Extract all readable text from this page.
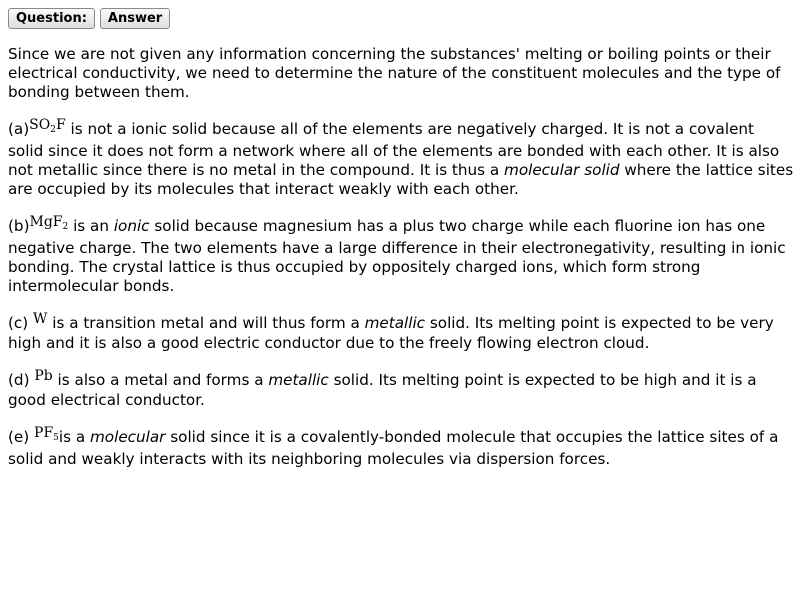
Question:	Answer

Since we are not given any information concerning the substances' melting or boiling points or their electrical conductivity, we need to determine the nature of the constituent molecules and the type of bonding between them.

$(a)SO_2F$ is not a ionic solid because all of the elements are negatively charged. It is not a covalent solid since it does not form a network where all of the elements are bonded with each other. It is also not metallic since there is no metal in the compound. It is thus a molecular solid where the lattice sites are occupied by its molecules that interact weakly with each other.

(b)MgF$_2$ is an ionic solid because magnesium has a plus two charge while each fluorine ion has one negative charge. The two elements have a large difference in their electronegativity, resulting in ionic bonding. The crystal lattice is thus occupied by oppositely charged ions, which form strong intermolecular bonds.

(c) W is a transition metal and will thus form a metallic solid. Its melting point is expected to be very high and it is also a good electric conductor due to the freely flowing electron cloud.

(d) Pb is also a metal and forms a metallic solid. Its melting point is expected to be high and it is a good electrical conductor.

(e) $PF_5is$ a molecular solid since it is a covalently-bonded molecule that occupies the lattice sites of a solid and weakly interacts with its neighboring molecules via dispersion forces.
